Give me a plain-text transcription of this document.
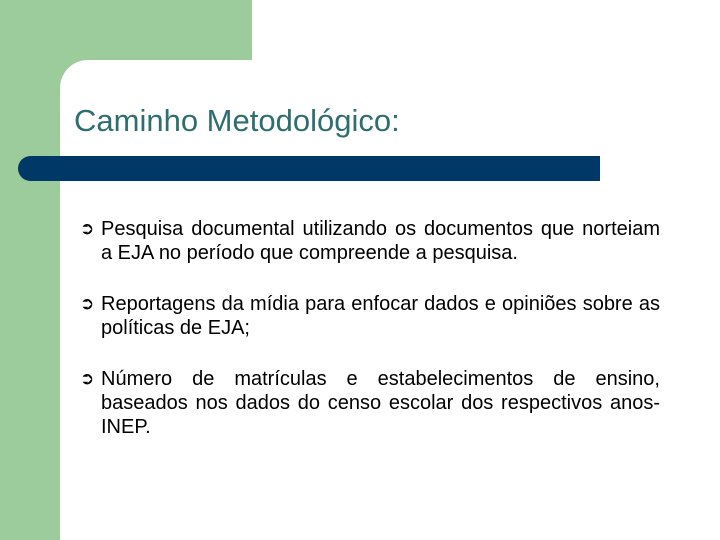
Caminho Metodológico:
➲ Pesquisa documental utilizando os documentos que norteiam a EJA no período que compreende a pesquisa.
➲ Reportagens da mídia para enfocar dados e opiniões sobre as políticas de EJA;
➲ Número de matrículas e estabelecimentos de ensino, baseados nos dados do censo escolar dos respectivos anos-INEP.
